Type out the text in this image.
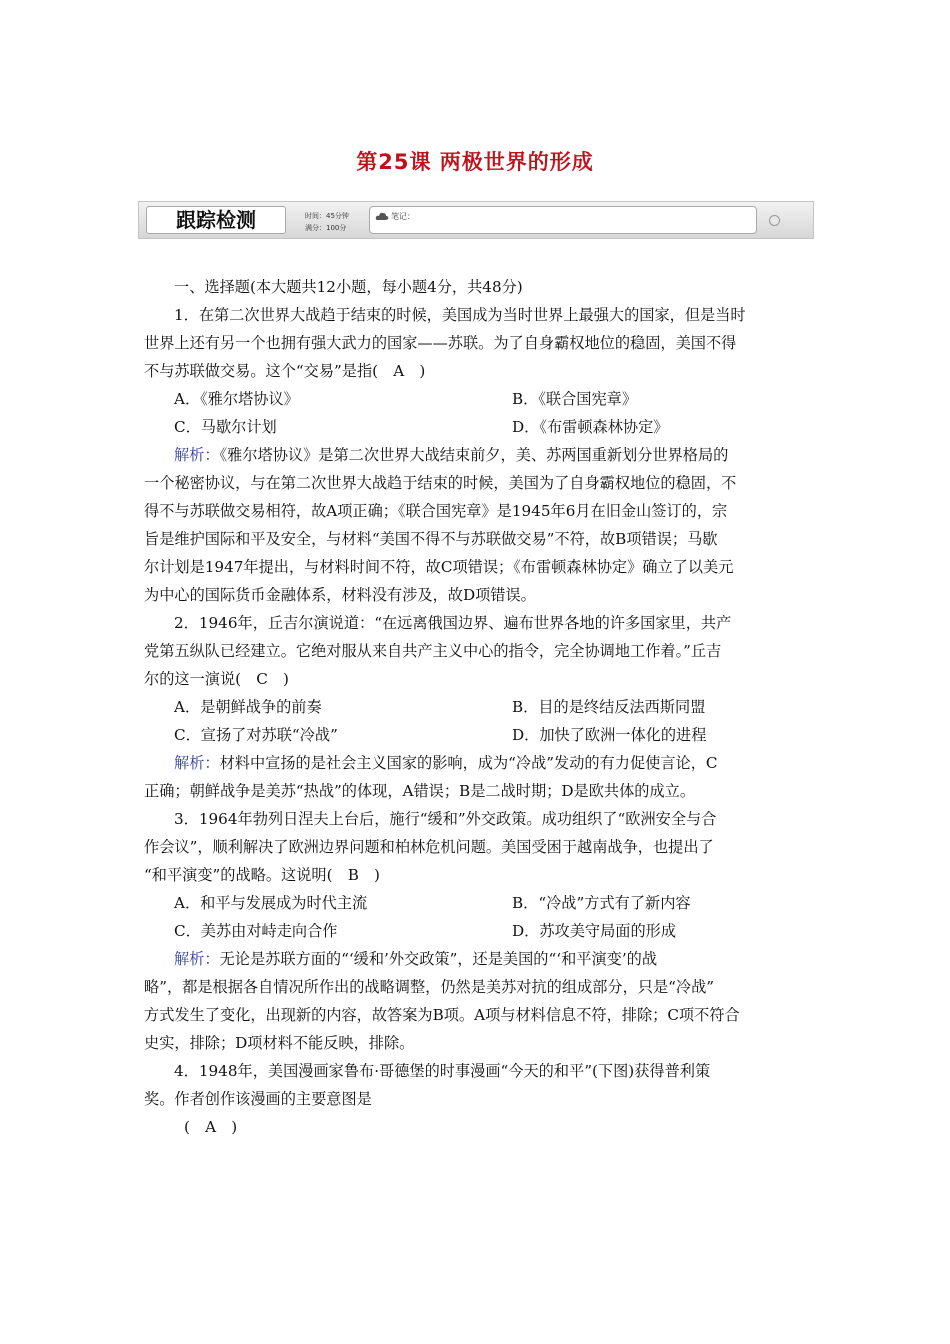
第25课 两极世界的形成
跟踪检测	时间：45分钟
满分：100分
笔记：
一、选择题(本大题共12小题，每小题4分，共48分)
1．在第二次世界大战趋于结束的时候，美国成为当时世界上最强大的国家，但是当时
世界上还有另一个也拥有强大武力的国家——苏联。为了自身霸权地位的稳固，美国不得
不与苏联做交易。这个“交易”是指(　A　)
A．《雅尔塔协议》	B．《联合国宪章》
C．马歇尔计划	D．《布雷顿森林协定》
解析：《雅尔塔协议》是第二次世界大战结束前夕，美、苏两国重新划分世界格局的
一个秘密协议，与在第二次世界大战趋于结束的时候，美国为了自身霸权地位的稳固，不
得不与苏联做交易相符，故A项正确；《联合国宪章》是1945年6月在旧金山签订的，宗
旨是维护国际和平及安全，与材料“美国不得不与苏联做交易”不符，故B项错误；马歇
尔计划是1947年提出，与材料时间不符，故C项错误；《布雷顿森林协定》确立了以美元
为中心的国际货币金融体系，材料没有涉及，故D项错误。
2．1946年，丘吉尔演说道：“在远离俄国边界、遍布世界各地的许多国家里，共产
党第五纵队已经建立。它绝对服从来自共产主义中心的指令，完全协调地工作着。”丘吉
尔的这一演说(　C　)
A．是朝鲜战争的前奏	B．目的是终结反法西斯同盟
C．宣扬了对苏联“冷战”	D．加快了欧洲一体化的进程
解析：材料中宣扬的是社会主义国家的影响，成为“冷战”发动的有力促使言论，C
正确；朝鲜战争是美苏“热战”的体现，A错误；B是二战时期；D是欧共体的成立。
3．1964年勃列日涅夫上台后，施行“缓和”外交政策。成功组织了“欧洲安全与合
作会议”，顺利解决了欧洲边界问题和柏林危机问题。美国受困于越南战争，也提出了
“和平演变”的战略。这说明(　B　)
A．和平与发展成为时代主流	B．“冷战”方式有了新内容
C．美苏由对峙走向合作	D．苏攻美守局面的形成
解析：无论是苏联方面的“‘缓和’外交政策”，还是美国的“‘和平演变’的战
略”，都是根据各自情况所作出的战略调整，仍然是美苏对抗的组成部分，只是“冷战”
方式发生了变化，出现新的内容，故答案为B项。A项与材料信息不符，排除；C项不符合
史实，排除；D项材料不能反映，排除。
4．1948年，美国漫画家鲁布·哥德堡的时事漫画“今天的和平”(下图)获得普利策
奖。作者创作该漫画的主要意图是
(　A　)
